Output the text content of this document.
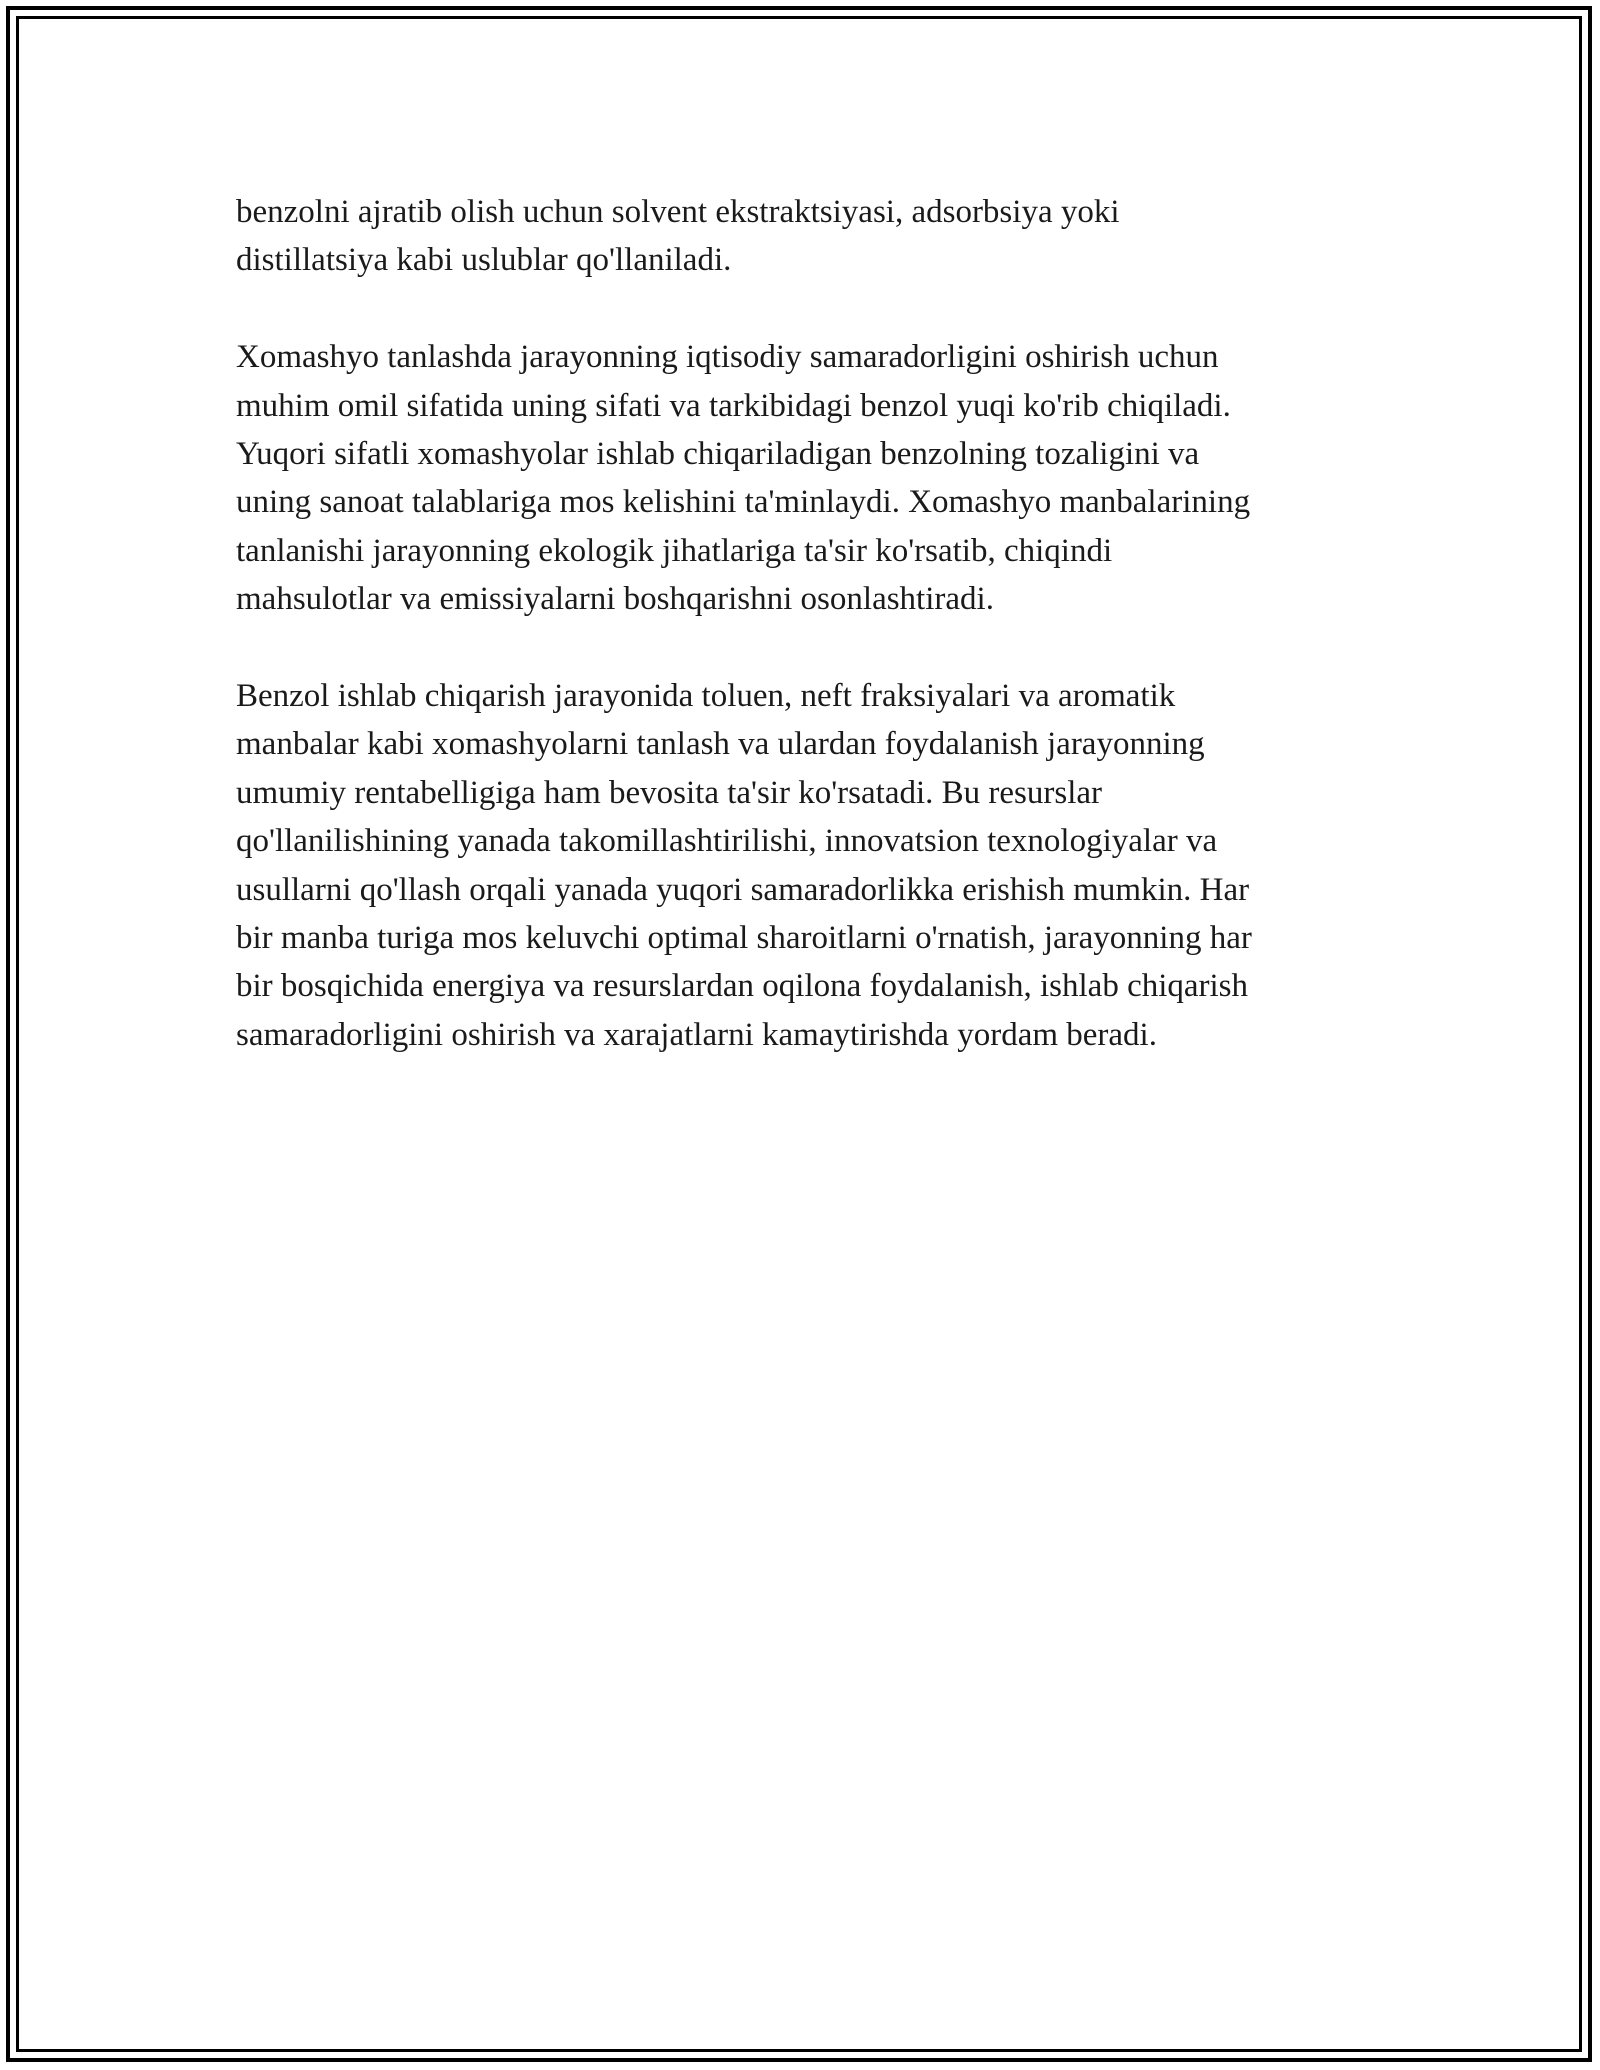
benzolni ajratib olish uchun solvent ekstraktsiyasi, adsorbsiya yoki
distillatsiya kabi uslublar qo'llaniladi.

Xomashyo tanlashda jarayonning iqtisodiy samaradorligini oshirish uchun
muhim omil sifatida uning sifati va tarkibidagi benzol yuqi ko'rib chiqiladi.
Yuqori sifatli xomashyolar ishlab chiqariladigan benzolning tozaligini va
uning sanoat talablariga mos kelishini ta'minlaydi. Xomashyo manbalarining
tanlanishi jarayonning ekologik jihatlariga ta'sir ko'rsatib, chiqindi
mahsulotlar va emissiyalarni boshqarishni osonlashtiradi.

Benzol ishlab chiqarish jarayonida toluen, neft fraksiyalari va aromatik
manbalar kabi xomashyolarni tanlash va ulardan foydalanish jarayonning
umumiy rentabelligiga ham bevosita ta'sir ko'rsatadi. Bu resurslar
qo'llanilishining yanada takomillashtirilishi, innovatsion texnologiyalar va
usullarni qo'llash orqali yanada yuqori samaradorlikka erishish mumkin. Har
bir manba turiga mos keluvchi optimal sharoitlarni o'rnatish, jarayonning har
bir bosqichida energiya va resurslardan oqilona foydalanish, ishlab chiqarish
samaradorligini oshirish va xarajatlarni kamaytirishda yordam beradi.
